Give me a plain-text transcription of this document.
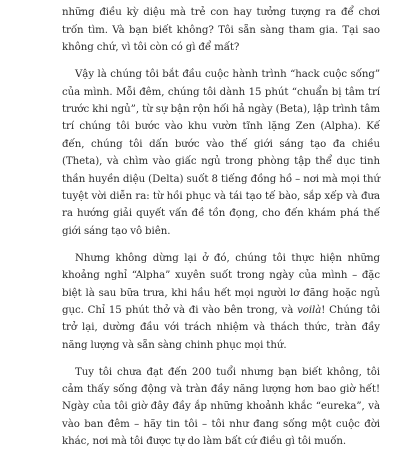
những điều kỳ diệu mà trẻ con hay tưởng tượng ra để chơi trốn tìm. Và bạn biết không? Tôi sẵn sàng tham gia. Tại sao không chứ, vì tôi còn có gì để mất?

Vậy là chúng tôi bắt đầu cuộc hành trình “hack cuộc sống” của mình. Mỗi đêm, chúng tôi dành 15 phút “chuẩn bị tâm trí trước khi ngủ”, từ sự bận rộn hối hả ngày (Beta), lập trình tâm trí chúng tôi bước vào khu vườn tĩnh lặng Zen (Alpha). Kế đến, chúng tôi dấn bước vào thế giới sáng tạo đa chiều (Theta), và chìm vào giấc ngủ trong phòng tập thể dục tinh thần huyền diệu (Delta) suốt 8 tiếng đồng hồ – nơi mà mọi thứ tuyệt vời diễn ra: từ hồi phục và tái tạo tế bào, sắp xếp và đưa ra hướng giải quyết vấn đề tồn đọng, cho đến khám phá thế giới sáng tạo vô biên.

Nhưng không dừng lại ở đó, chúng tôi thực hiện những khoảng nghỉ “Alpha” xuyên suốt trong ngày của mình – đặc biệt là sau bữa trưa, khi hầu hết mọi người lơ đãng hoặc ngủ gục. Chỉ 15 phút thở và đi vào bên trong, và voilà! Chúng tôi trở lại, dường đầu với trách nhiệm và thách thức, tràn đầy năng lượng và sẵn sàng chinh phục mọi thứ.

Tuy tôi chưa đạt đến 200 tuổi nhưng bạn biết không, tôi cảm thấy sống động và tràn đầy năng lượng hơn bao giờ hết! Ngày của tôi giờ đây đầy ắp những khoảnh khắc “eureka”, và vào ban đêm – hãy tin tôi – tôi như đang sống một cuộc đời khác, nơi mà tôi được tự do làm bất cứ điều gì tôi muốn.
